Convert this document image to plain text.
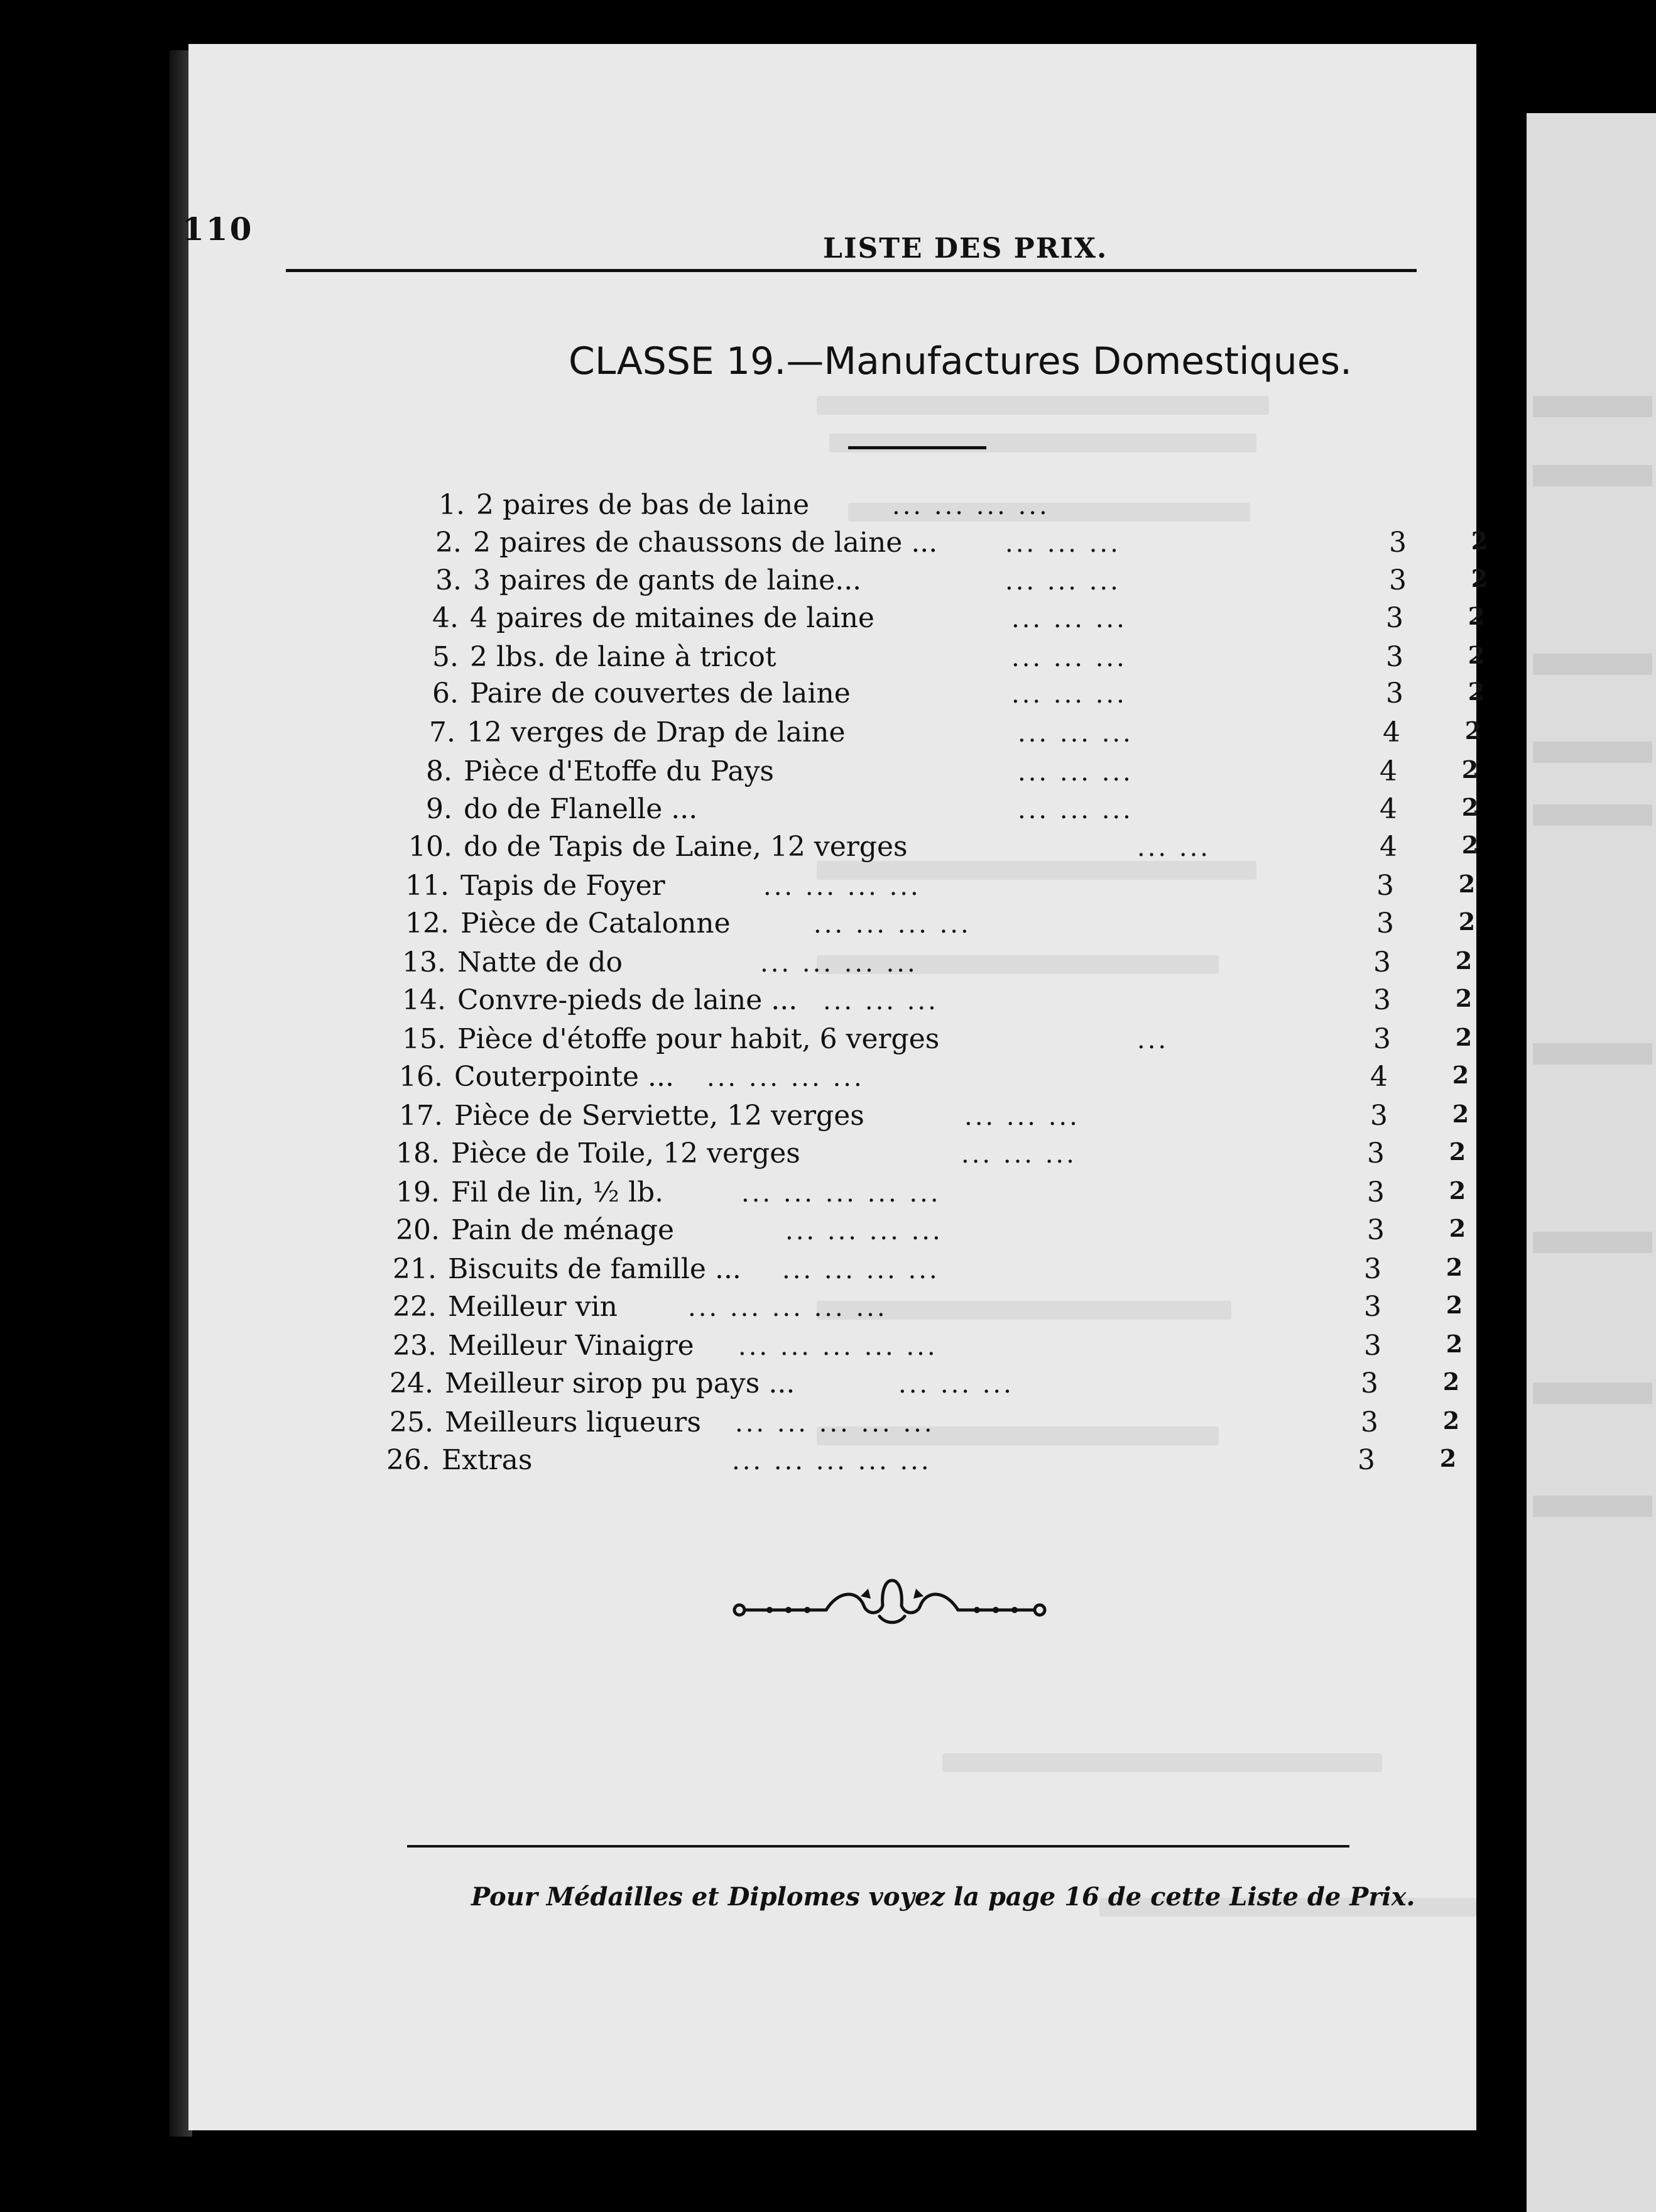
110
LISTE DES PRIX.
CLASSE 19.—Manufactures Domestiques.
1. 2 paires de bas de laine	... ... ... ...
2. 2 paires de chaussons de laine ...	... ... ...	3	2
3. 3 paires de gants de laine...	... ... ...	3	2
4. 4 paires de mitaines de laine	... ... ...	3	2
5. 2 lbs. de laine à tricot	... ... ...	3	2
6. Paire de couvertes de laine	... ... ...	3	2
7. 12 verges de Drap de laine	... ... ...	4	2
8. Pièce d'Etoffe du Pays	... ... ...	4	2
9. do de Flanelle ...	... ... ...	4	2
10. do de Tapis de Laine, 12 verges	... ...	4	2
11. Tapis de Foyer	... ... ... ...	3	2
12. Pièce de Catalonne	... ... ... ...	3	2
13. Natte de do	... ... ... ...	3	2
14. Convre-pieds de laine ... ... ... ...	3	2
15. Pièce d'étoffe pour habit, 6 verges	...	3	2
16. Couterpointe ... ... ... ... ...	4	2
17. Pièce de Serviette, 12 verges	... ... ...	3	2
18. Pièce de Toile, 12 verges	... ... ...	3	2
19. Fil de lin, ½ lb.	... ... ... ... ...	3	2
20. Pain de ménage	... ... ... ...	3	2
21. Biscuits de famille ... ... ... ... ...	3	2
22. Meilleur vin	... ... ... ... ...	3	2
23. Meilleur Vinaigre ... ... ... ... ...	3	2
24. Meilleur sirop pu pays ...	... ... ...	3	2
25. Meilleurs liqueurs ... ... ... ... ...	3	2
26. Extras	... ... ... ... ...	3	2
Pour Médailles et Diplomes voyez la page 16 de cette Liste de Prix.
